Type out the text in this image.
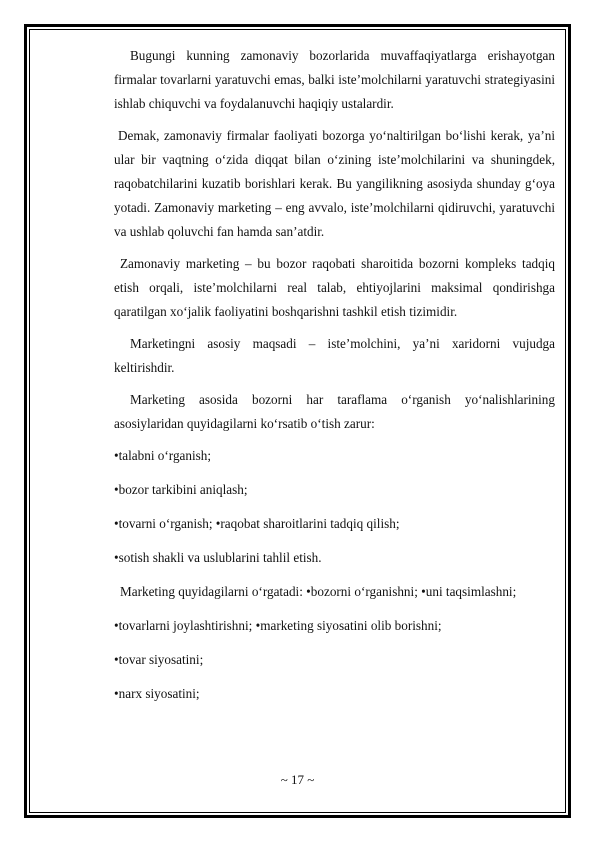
Bugungi kunning zamonaviy bozorlarida muvaffaqiyatlarga erishayotgan firmalar tovarlarni yaratuvchi emas, balki iste’molchilarni yaratuvchi strategiyasini ishlab chiquvchi va foydalanuvchi haqiqiy ustalardir.

Demak, zamonaviy firmalar faoliyati bozorga yo‘naltirilgan bo‘lishi kerak, ya’ni ular bir vaqtning o‘zida diqqat bilan o‘zining iste’molchilarini va shuningdek, raqobatchilarini kuzatib borishlari kerak. Bu yangilikning asosiyda shunday g‘oya yotadi. Zamonaviy marketing – eng avvalo, iste’molchilarni qidiruvchi, yaratuvchi va ushlab qoluvchi fan hamda san’atdir.

Zamonaviy marketing – bu bozor raqobati sharoitida bozorni kompleks tadqiq etish orqali, iste’molchilarni real talab, ehtiyojlarini maksimal qondirishga qaratilgan xo‘jalik faoliyatini boshqarishni tashkil etish tizimidir.

Marketingni asosiy maqsadi – iste’molchini, ya’ni xaridorni vujudga keltirishdir.

Marketing asosida bozorni har taraflama o‘rganish yo‘nalishlarining asosiylaridan quyidagilarni ko‘rsatib o‘tish zarur:

•talabni o‘rganish;

•bozor tarkibini aniqlash;

•tovarni o‘rganish; •raqobat sharoitlarini tadqiq qilish;

•sotish shakli va uslublarini tahlil etish.

Marketing quyidagilarni o‘rgatadi: •bozorni o‘rganishni; •uni taqsimlashni;

•tovarlarni joylashtirishni; •marketing siyosatini olib borishni;

•tovar siyosatini;

•narx siyosatini;

~ 17 ~
